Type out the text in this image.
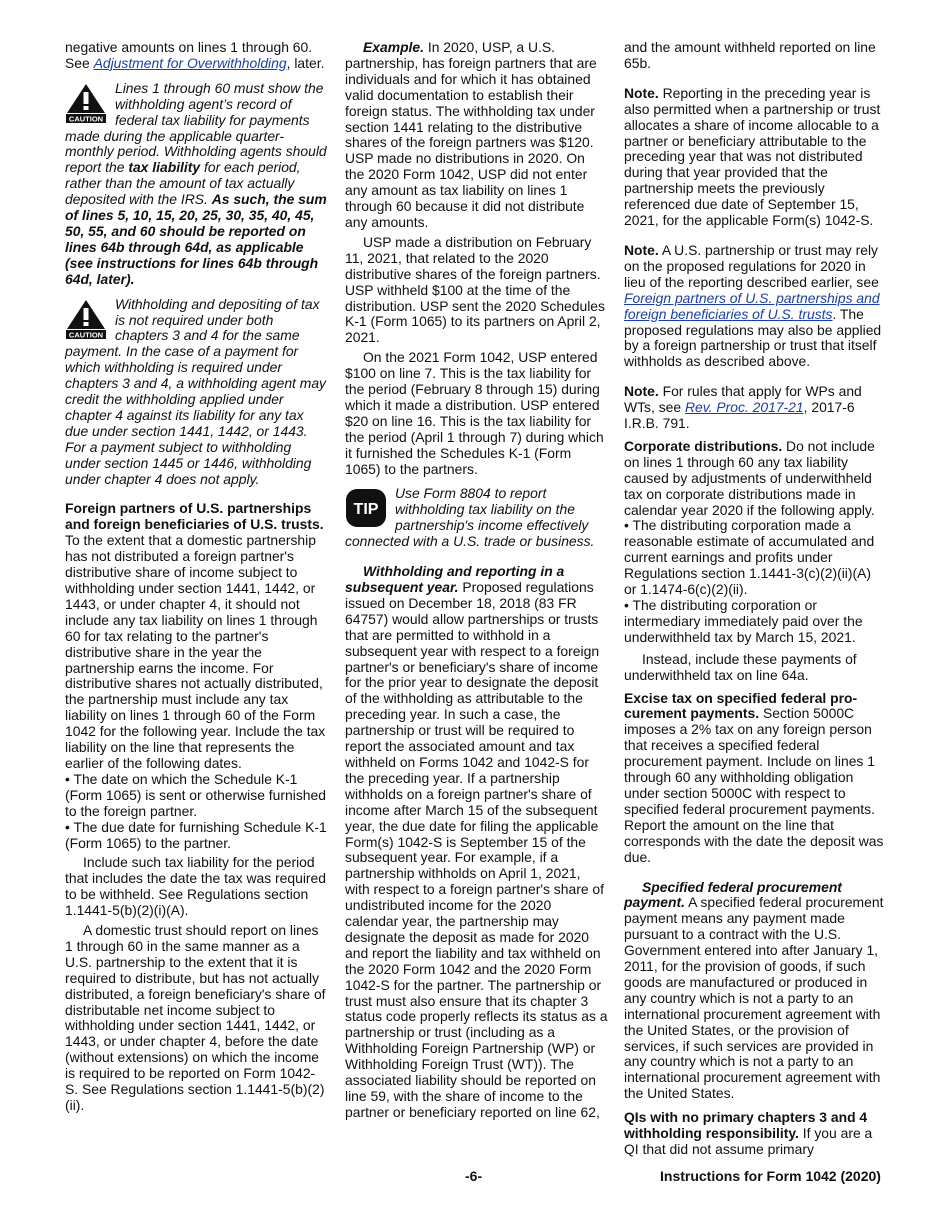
negative amounts on lines 1 through 60. See Adjustment for Overwithholding, later.

CAUTION

Lines 1 through 60 must show the withholding agent’s record of federal tax liability for payments made during the applicable quarter-monthly period. Withholding agents should report the tax liability for each period, rather than the amount of tax actually deposited with the IRS. As such, the sum of lines 5, 10, 15, 20, 25, 30, 35, 40, 45, 50, 55, and 60 should be reported on lines 64b through 64d, as applicable (see instructions for lines 64b through 64d, later).

CAUTION

Withholding and depositing of tax is not required under both chapters 3 and 4 for the same payment. In the case of a payment for which withholding is required under chapters 3 and 4, a withholding agent may credit the withholding applied under chapter 4 against its liability for any tax due under section 1441, 1442, or 1443. For a payment subject to withholding under section 1445 or 1446, withholding under chapter 4 does not apply.

Foreign partners of U.S. partnerships and foreign beneficiaries of U.S. trusts. To the extent that a domestic partnership has not distributed a foreign partner's distributive share of income subject to withholding under section 1441, 1442, or 1443, or under chapter 4, it should not include any tax liability on lines 1 through 60 for tax relating to the partner's distributive share in the year the partnership earns the income. For distributive shares not actually distributed, the partnership must include any tax liability on lines 1 through 60 of the Form 1042 for the following year. Include the tax liability on the line that represents the earlier of the following dates.

• The date on which the Schedule K-1 (Form 1065) is sent or otherwise furnished to the foreign partner.

• The due date for furnishing Schedule K-1 (Form 1065) to the partner.

Include such tax liability for the period that includes the date the tax was required to be withheld. See Regulations section 1.1441-5(b)(2)(i)(A).

A domestic trust should report on lines 1 through 60 in the same manner as a U.S. partnership to the extent that it is required to distribute, but has not actually distributed, a foreign beneficiary's share of distributable net income subject to withholding under section 1441, 1442, or 1443, or under chapter 4, before the date (without extensions) on which the income is required to be reported on Form 1042-S. See Regulations section 1.1441-5(b)(2)(ii).

Example. In 2020, USP, a U.S. partnership, has foreign partners that are individuals and for which it has obtained valid documentation to establish their foreign status. The withholding tax under section 1441 relating to the distributive shares of the foreign partners was $120. USP made no distributions in 2020. On the 2020 Form 1042, USP did not enter any amount as tax liability on lines 1 through 60 because it did not distribute any amounts.

USP made a distribution on February 11, 2021, that related to the 2020 distributive shares of the foreign partners. USP withheld $100 at the time of the distribution. USP sent the 2020 Schedules K-1 (Form 1065) to its partners on April 2, 2021.

On the 2021 Form 1042, USP entered $100 on line 7. This is the tax liability for the period (February 8 through 15) during which it made a distribution. USP entered $20 on line 16. This is the tax liability for the period (April 1 through 7) during which it furnished the Schedules K-1 (Form 1065) to the partners.

TIP

Use Form 8804 to report withholding tax liability on the partnership's income effectively connected with a U.S. trade or business.

Withholding and reporting in a subsequent year. Proposed regulations issued on December 18, 2018 (83 FR 64757) would allow partnerships or trusts that are permitted to withhold in a subsequent year with respect to a foreign partner's or beneficiary's share of income for the prior year to designate the deposit of the withholding as attributable to the preceding year. In such a case, the partnership or trust will be required to report the associated amount and tax withheld on Forms 1042 and 1042-S for the preceding year. If a partnership withholds on a foreign partner's share of income after March 15 of the subsequent year, the due date for filing the applicable Form(s) 1042-S is September 15 of the subsequent year. For example, if a partnership withholds on April 1, 2021, with respect to a foreign partner's share of undistributed income for the 2020 calendar year, the partnership may designate the deposit as made for 2020 and report the liability and tax withheld on the 2020 Form 1042 and the 2020 Form 1042-S for the partner. The partnership or trust must also ensure that its chapter 3 status code properly reflects its status as a partnership or trust (including as a Withholding Foreign Partnership (WP) or Withholding Foreign Trust (WT)). The associated liability should be reported on line 59, with the share of income to the partner or beneficiary reported on line 62,

and the amount withheld reported on line 65b.

Note. Reporting in the preceding year is also permitted when a partnership or trust allocates a share of income allocable to a partner or beneficiary attributable to the preceding year that was not distributed during that year provided that the partnership meets the previously referenced due date of September 15, 2021, for the applicable Form(s) 1042-S.

Note. A U.S. partnership or trust may rely on the proposed regulations for 2020 in lieu of the reporting described earlier, see Foreign partners of U.S. partnerships and foreign beneficiaries of U.S. trusts. The proposed regulations may also be applied by a foreign partnership or trust that itself withholds as described above.

Note. For rules that apply for WPs and WTs, see Rev. Proc. 2017-21, 2017-6 I.R.B. 791.

Corporate distributions. Do not include on lines 1 through 60 any tax liability caused by adjustments of underwithheld tax on corporate distributions made in calendar year 2020 if the following apply.

• The distributing corporation made a reasonable estimate of accumulated and current earnings and profits under Regulations section 1.1441-3(c)(2)(ii)(A) or 1.1474-6(c)(2)(ii).

• The distributing corporation or intermediary immediately paid over the underwithheld tax by March 15, 2021.

Instead, include these payments of underwithheld tax on line 64a.

Excise tax on specified federal pro-curement payments. Section 5000C imposes a 2% tax on any foreign person that receives a specified federal procurement payment. Include on lines 1 through 60 any withholding obligation under section 5000C with respect to specified federal procurement payments. Report the amount on the line that corresponds with the date the deposit was due.

Specified federal procurement payment. A specified federal procurement payment means any payment made pursuant to a contract with the U.S. Government entered into after January 1, 2011, for the provision of goods, if such goods are manufactured or produced in any country which is not a party to an international procurement agreement with the United States, or the provision of services, if such services are provided in any country which is not a party to an international procurement agreement with the United States.

QIs with no primary chapters 3 and 4 withholding responsibility. If you are a QI that did not assume primary

-6-	Instructions for Form 1042 (2020)
